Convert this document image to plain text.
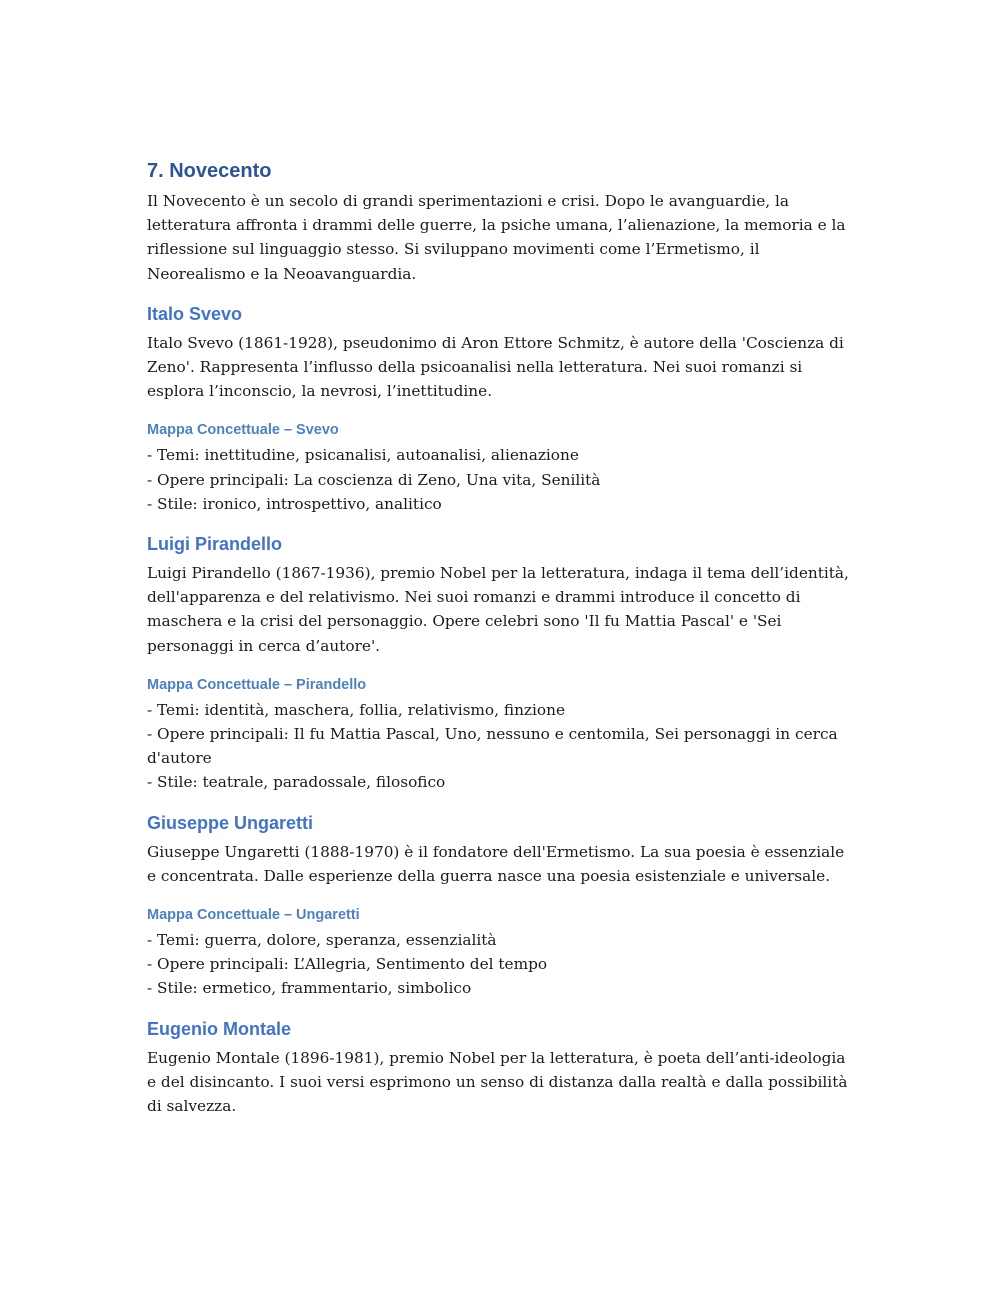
7. Novecento

Il Novecento è un secolo di grandi sperimentazioni e crisi. Dopo le avanguardie, la letteratura affronta i drammi delle guerre, la psiche umana, l’alienazione, la memoria e la riflessione sul linguaggio stesso. Si sviluppano movimenti come l’Ermetismo, il Neorealismo e la Neoavanguardia.

Italo Svevo

Italo Svevo (1861-1928), pseudonimo di Aron Ettore Schmitz, è autore della 'Coscienza di Zeno'. Rappresenta l’influsso della psicoanalisi nella letteratura. Nei suoi romanzi si esplora l’inconscio, la nevrosi, l’inettitudine.

Mappa Concettuale – Svevo

- Temi: inettitudine, psicanalisi, autoanalisi, alienazione
- Opere principali: La coscienza di Zeno, Una vita, Senilità
- Stile: ironico, introspettivo, analitico

Luigi Pirandello

Luigi Pirandello (1867-1936), premio Nobel per la letteratura, indaga il tema dell’identità, dell'apparenza e del relativismo. Nei suoi romanzi e drammi introduce il concetto di maschera e la crisi del personaggio. Opere celebri sono 'Il fu Mattia Pascal' e 'Sei personaggi in cerca d’autore'.

Mappa Concettuale – Pirandello

- Temi: identità, maschera, follia, relativismo, finzione
- Opere principali: Il fu Mattia Pascal, Uno, nessuno e centomila, Sei personaggi in cerca d'autore
- Stile: teatrale, paradossale, filosofico

Giuseppe Ungaretti

Giuseppe Ungaretti (1888-1970) è il fondatore dell'Ermetismo. La sua poesia è essenziale e concentrata. Dalle esperienze della guerra nasce una poesia esistenziale e universale.

Mappa Concettuale – Ungaretti

- Temi: guerra, dolore, speranza, essenzialità
- Opere principali: L’Allegria, Sentimento del tempo
- Stile: ermetico, frammentario, simbolico

Eugenio Montale

Eugenio Montale (1896-1981), premio Nobel per la letteratura, è poeta dell’anti-ideologia e del disincanto. I suoi versi esprimono un senso di distanza dalla realtà e dalla possibilità di salvezza.
